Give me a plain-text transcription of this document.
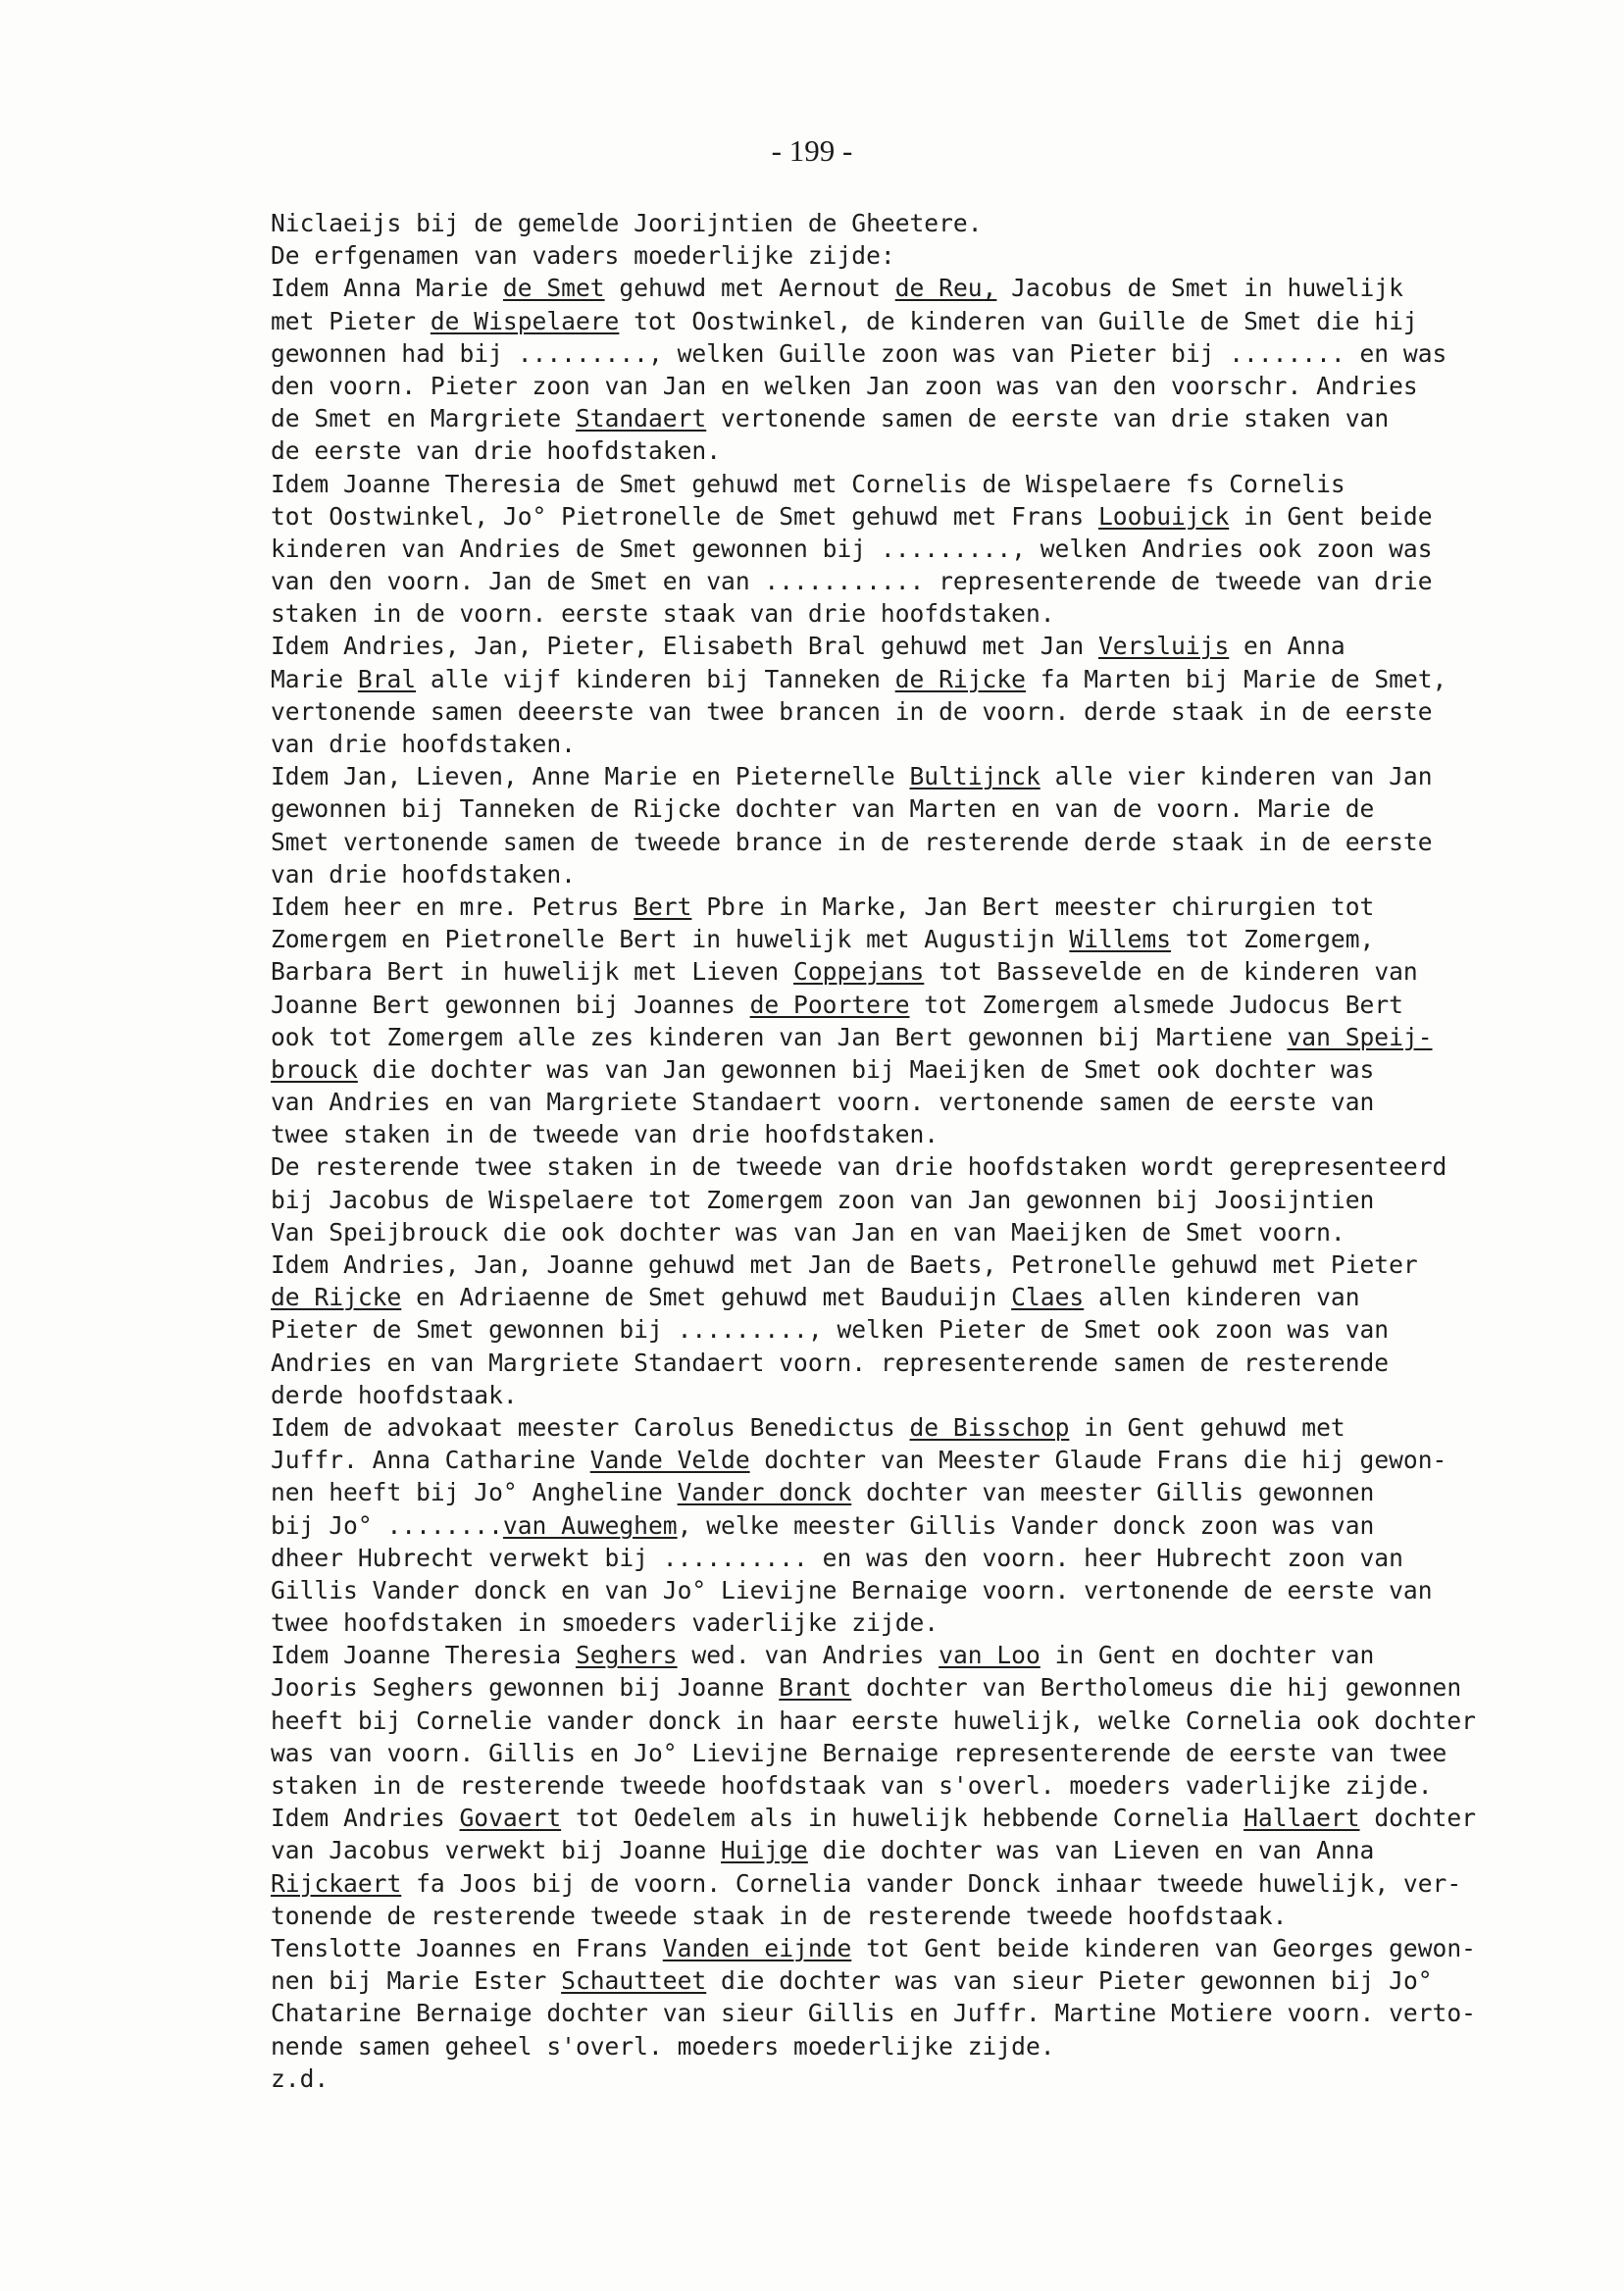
- 199 -
Niclaeijs bij de gemelde Joorijntien de Gheetere.
De erfgenamen van vaders moederlijke zijde:
Idem Anna Marie de Smet gehuwd met Aernout de Reu, Jacobus de Smet in huwelijk
met Pieter de Wispelaere tot Oostwinkel, de kinderen van Guille de Smet die hij
gewonnen had bij ........., welken Guille zoon was van Pieter bij ........ en was
den voorn. Pieter zoon van Jan en welken Jan zoon was van den voorschr. Andries
de Smet en Margriete Standaert vertonende samen de eerste van drie staken van
de eerste van drie hoofdstaken.
Idem Joanne Theresia de Smet gehuwd met Cornelis de Wispelaere fs Cornelis
tot Oostwinkel, Jo° Pietronelle de Smet gehuwd met Frans Loobuijck in Gent beide
kinderen van Andries de Smet gewonnen bij ........., welken Andries ook zoon was
van den voorn. Jan de Smet en van ........... representerende de tweede van drie
staken in de voorn. eerste staak van drie hoofdstaken.
Idem Andries, Jan, Pieter, Elisabeth Bral gehuwd met Jan Versluijs en Anna
Marie Bral alle vijf kinderen bij Tanneken de Rijcke fa Marten bij Marie de Smet,
vertonende samen deeerste van twee brancen in de voorn. derde staak in de eerste
van drie hoofdstaken.
Idem Jan, Lieven, Anne Marie en Pieternelle Bultijnck alle vier kinderen van Jan
gewonnen bij Tanneken de Rijcke dochter van Marten en van de voorn. Marie de
Smet vertonende samen de tweede brance in de resterende derde staak in de eerste
van drie hoofdstaken.
Idem heer en mre. Petrus Bert Pbre in Marke, Jan Bert meester chirurgien tot
Zomergem en Pietronelle Bert in huwelijk met Augustijn Willems tot Zomergem,
Barbara Bert in huwelijk met Lieven Coppejans tot Bassevelde en de kinderen van
Joanne Bert gewonnen bij Joannes de Poortere tot Zomergem alsmede Judocus Bert
ook tot Zomergem alle zes kinderen van Jan Bert gewonnen bij Martiene van Speij-
brouck die dochter was van Jan gewonnen bij Maeijken de Smet ook dochter was
van Andries en van Margriete Standaert voorn. vertonende samen de eerste van
twee staken in de tweede van drie hoofdstaken.
De resterende twee staken in de tweede van drie hoofdstaken wordt gerepresenteerd
bij Jacobus de Wispelaere tot Zomergem zoon van Jan gewonnen bij Joosijntien
Van Speijbrouck die ook dochter was van Jan en van Maeijken de Smet voorn.
Idem Andries, Jan, Joanne gehuwd met Jan de Baets, Petronelle gehuwd met Pieter
de Rijcke en Adriaenne de Smet gehuwd met Bauduijn Claes allen kinderen van
Pieter de Smet gewonnen bij ........., welken Pieter de Smet ook zoon was van
Andries en van Margriete Standaert voorn. representerende samen de resterende
derde hoofdstaak.
Idem de advokaat meester Carolus Benedictus de Bisschop in Gent gehuwd met
Juffr. Anna Catharine Vande Velde dochter van Meester Glaude Frans die hij gewon-
nen heeft bij Jo° Angheline Vander donck dochter van meester Gillis gewonnen
bij Jo° ........van Auweghem, welke meester Gillis Vander donck zoon was van
dheer Hubrecht verwekt bij .......... en was den voorn. heer Hubrecht zoon van
Gillis Vander donck en van Jo° Lievijne Bernaige voorn. vertonende de eerste van
twee hoofdstaken in smoeders vaderlijke zijde.
Idem Joanne Theresia Seghers wed. van Andries van Loo in Gent en dochter van
Jooris Seghers gewonnen bij Joanne Brant dochter van Bertholomeus die hij gewonnen
heeft bij Cornelie vander donck in haar eerste huwelijk, welke Cornelia ook dochter
was van voorn. Gillis en Jo° Lievijne Bernaige representerende de eerste van twee
staken in de resterende tweede hoofdstaak van s'overl. moeders vaderlijke zijde.
Idem Andries Govaert tot Oedelem als in huwelijk hebbende Cornelia Hallaert dochter
van Jacobus verwekt bij Joanne Huijge die dochter was van Lieven en van Anna
Rijckaert fa Joos bij de voorn. Cornelia vander Donck inhaar tweede huwelijk, ver-
tonende de resterende tweede staak in de resterende tweede hoofdstaak.
Tenslotte Joannes en Frans Vanden eijnde tot Gent beide kinderen van Georges gewon-
nen bij Marie Ester Schautteet die dochter was van sieur Pieter gewonnen bij Jo°
Chatarine Bernaige dochter van sieur Gillis en Juffr. Martine Motiere voorn. verto-
nende samen geheel s'overl. moeders moederlijke zijde.
z.d.
